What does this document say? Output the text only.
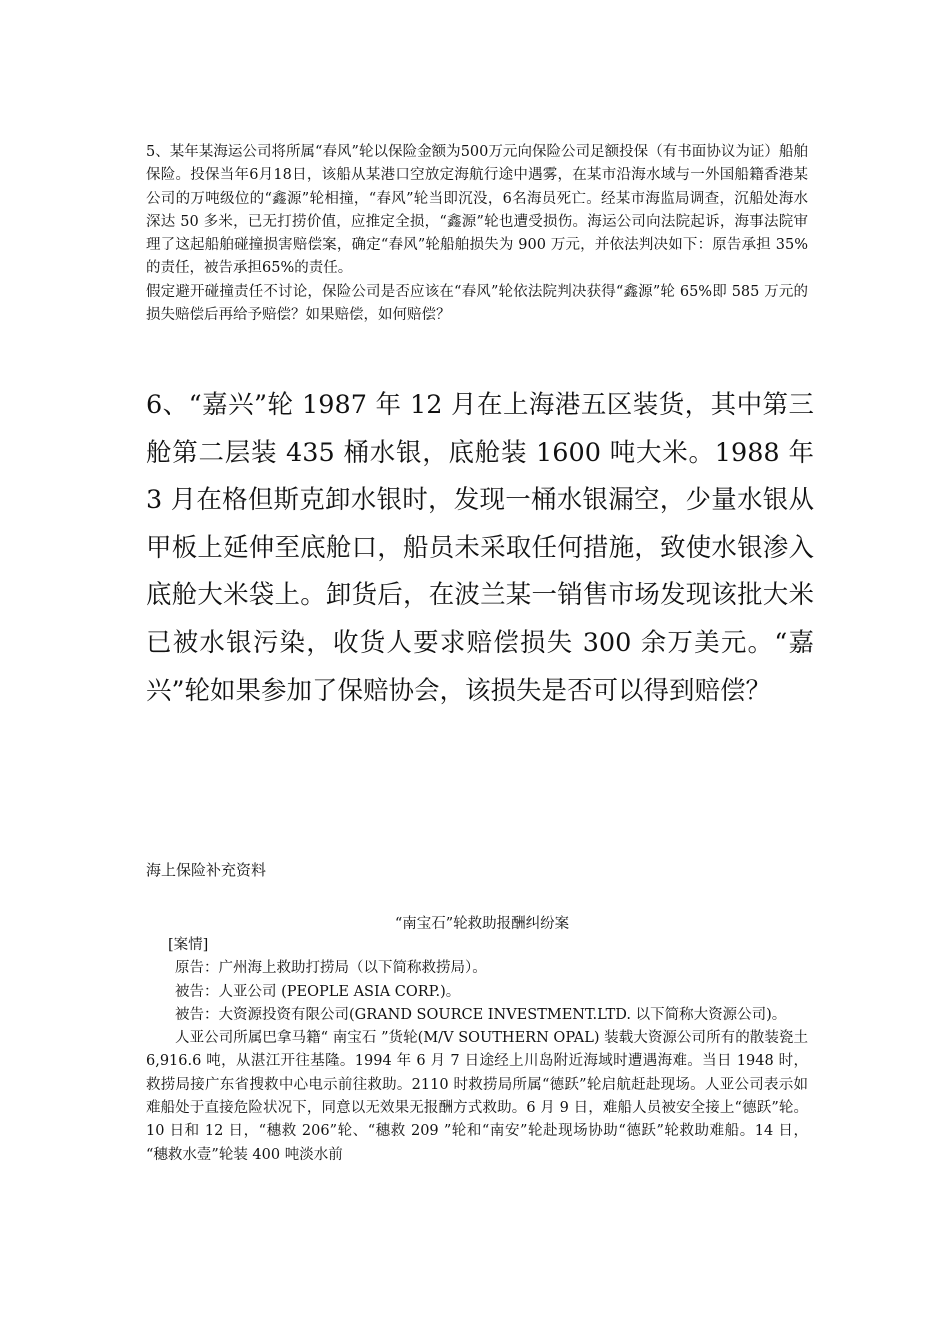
5、某年某海运公司将所属“春风”轮以保险金额为500万元向保险公司足额投保（有书面协议为证）船舶保险。投保当年6月18日，该船从某港口空放定海航行途中遇雾，在某市沿海水域与一外国船籍香港某公司的万吨级位的“鑫源”轮相撞，“春风”轮当即沉没，6名海员死亡。经某市海监局调查，沉船处海水深达 50 多米，已无打捞价值，应推定全损，“鑫源”轮也遭受损伤。海运公司向法院起诉，海事法院审理了这起船舶碰撞损害赔偿案，确定“春风”轮船舶损失为 900 万元，并依法判决如下：原告承担 35%的责任，被告承担65%的责任。

假定避开碰撞责任不讨论，保险公司是否应该在“春风”轮依法院判决获得“鑫源”轮 65%即 585 万元的损失赔偿后再给予赔偿？如果赔偿，如何赔偿？

6、“嘉兴”轮 1987 年 12 月在上海港五区装货，其中第三舱第二层装 435 桶水银，底舱装 1600 吨大米。1988 年 3 月在格但斯克卸水银时，发现一桶水银漏空，少量水银从甲板上延伸至底舱口，船员未采取任何措施，致使水银渗入底舱大米袋上。卸货后，在波兰某一销售市场发现该批大米已被水银污染，收货人要求赔偿损失 300 余万美元。“嘉兴”轮如果参加了保赔协会，该损失是否可以得到赔偿？

海上保险补充资料
“南宝石”轮救助报酬纠纷案

[案情]

原告：广州海上救助打捞局（以下简称救捞局）。

被告：人亚公司 (PEOPLE ASIA CORP.)。

被告：大资源投资有限公司(GRAND SOURCE INVESTMENT.LTD. 以下简称大资源公司)。

人亚公司所属巴拿马籍“ 南宝石 ”货轮(M/V SOUTHERN OPAL) 装载大资源公司所有的散装瓷土 6,916.6 吨，从湛江开往基隆。1994 年 6 月 7 日途经上川岛附近海域时遭遇海难。当日 1948 时，救捞局接广东省搜救中心电示前往救助。2110 时救捞局所属“德跃”轮启航赶赴现场。人亚公司表示如难船处于直接危险状况下，同意以无效果无报酬方式救助。6 月 9 日，难船人员被安全接上“德跃”轮。10 日和 12 日，“穗救 206”轮、“穗救 209 ”轮和“南安”轮赴现场协助“德跃”轮救助难船。14 日， “穗救水壹”轮装 400 吨淡水前
